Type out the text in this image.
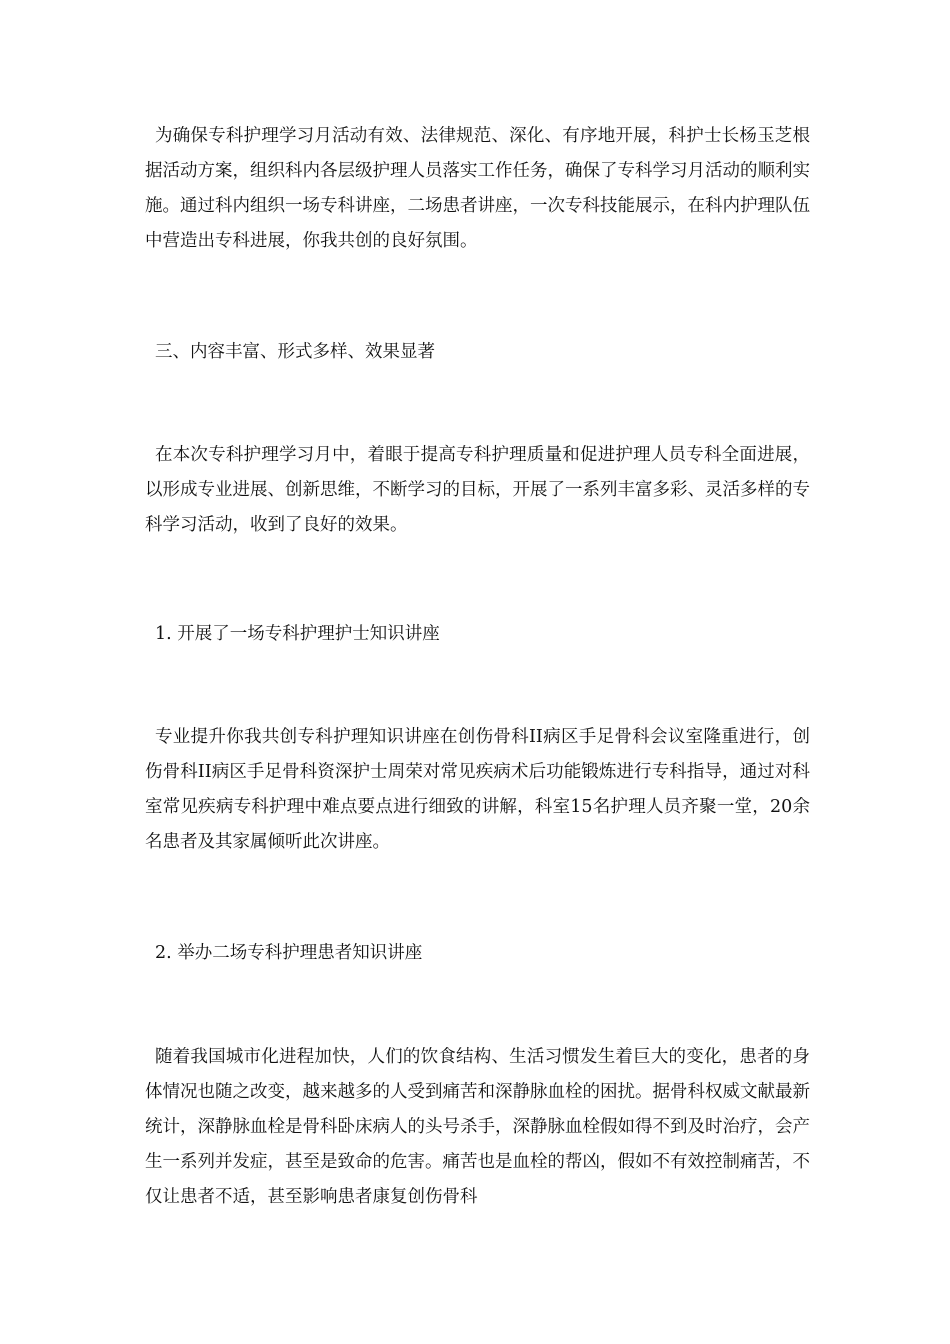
为确保专科护理学习月活动有效、法律规范、深化、有序地开展，科护士长杨玉芝根据活动方案，组织科内各层级护理人员落实工作任务，确保了专科学习月活动的顺利实施。通过科内组织一场专科讲座，二场患者讲座，一次专科技能展示，在科内护理队伍中营造出专科进展，你我共创的良好氛围。

三、内容丰富、形式多样、效果显著

在本次专科护理学习月中，着眼于提高专科护理质量和促进护理人员专科全面进展，以形成专业进展、创新思维，不断学习的目标，开展了一系列丰富多彩、灵活多样的专科学习活动，收到了良好的效果。

1. 开展了一场专科护理护士知识讲座

专业提升你我共创专科护理知识讲座在创伤骨科II病区手足骨科会议室隆重进行，创伤骨科II病区手足骨科资深护士周荣对常见疾病术后功能锻炼进行专科指导，通过对科室常见疾病专科护理中难点要点进行细致的讲解，科室15名护理人员齐聚一堂，20余名患者及其家属倾听此次讲座。

2. 举办二场专科护理患者知识讲座

随着我国城市化进程加快，人们的饮食结构、生活习惯发生着巨大的变化，患者的身体情况也随之改变，越来越多的人受到痛苦和深静脉血栓的困扰。据骨科权威文献最新统计，深静脉血栓是骨科卧床病人的头号杀手，深静脉血栓假如得不到及时治疗，会产生一系列并发症，甚至是致命的危害。痛苦也是血栓的帮凶，假如不有效控制痛苦，不仅让患者不适，甚至影响患者康复创伤骨科
